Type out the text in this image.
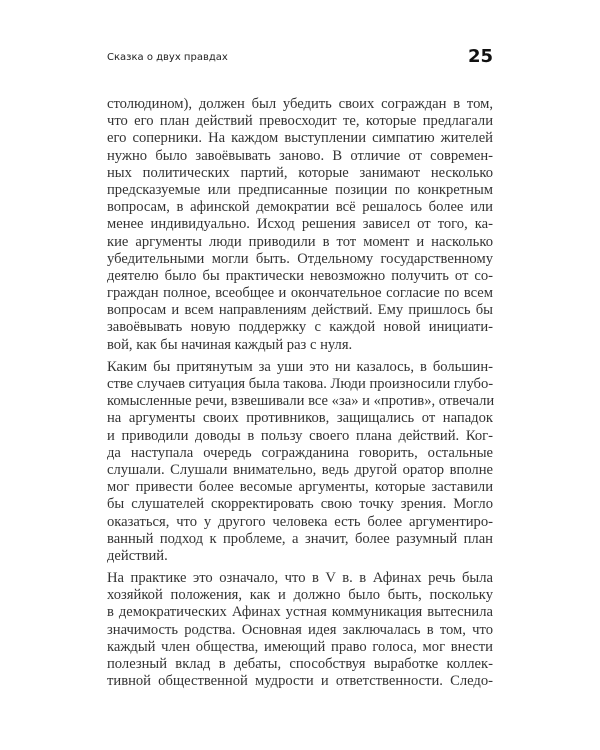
Сказка о двух правдах	25
столюдином), должен был убедить своих сограждан в том,
что его план действий превосходит те, которые предлагали
его соперники. На каждом выступлении симпатию жителей
нужно было завоёвывать заново. В отличие от современ-
ных политических партий, которые занимают несколько
предсказуемые или предписанные позиции по конкретным
вопросам, в афинской демократии всё решалось более или
менее индивидуально. Исход решения зависел от того, ка-
кие аргументы люди приводили в тот момент и насколько
убедительными могли быть. Отдельному государственному
деятелю было бы практически невозможно получить от со-
граждан полное, всеобщее и окончательное согласие по всем
вопросам и всем направлениям действий. Ему пришлось бы
завоёвывать новую поддержку с каждой новой инициати-
вой, как бы начиная каждый раз с нуля.
Каким бы притянутым за уши это ни казалось, в большин-
стве случаев ситуация была такова. Люди произносили глубо-
комысленные речи, взвешивали все «за» и «против», отвечали
на аргументы своих противников, защищались от нападок
и приводили доводы в пользу своего плана действий. Ког-
да наступала очередь согражданина говорить, остальные
слушали. Слушали внимательно, ведь другой оратор вполне
мог привести более весомые аргументы, которые заставили
бы слушателей скорректировать свою точку зрения. Могло
оказаться, что у другого человека есть более аргументиро-
ванный подход к проблеме, а значит, более разумный план
действий.
На практике это означало, что в V в. в Афинах речь была
хозяйкой положения, как и должно было быть, поскольку
в демократических Афинах устная коммуникация вытеснила
значимость родства. Основная идея заключалась в том, что
каждый член общества, имеющий право голоса, мог внести
полезный вклад в дебаты, способствуя выработке коллек-
тивной общественной мудрости и ответственности. Следо-
